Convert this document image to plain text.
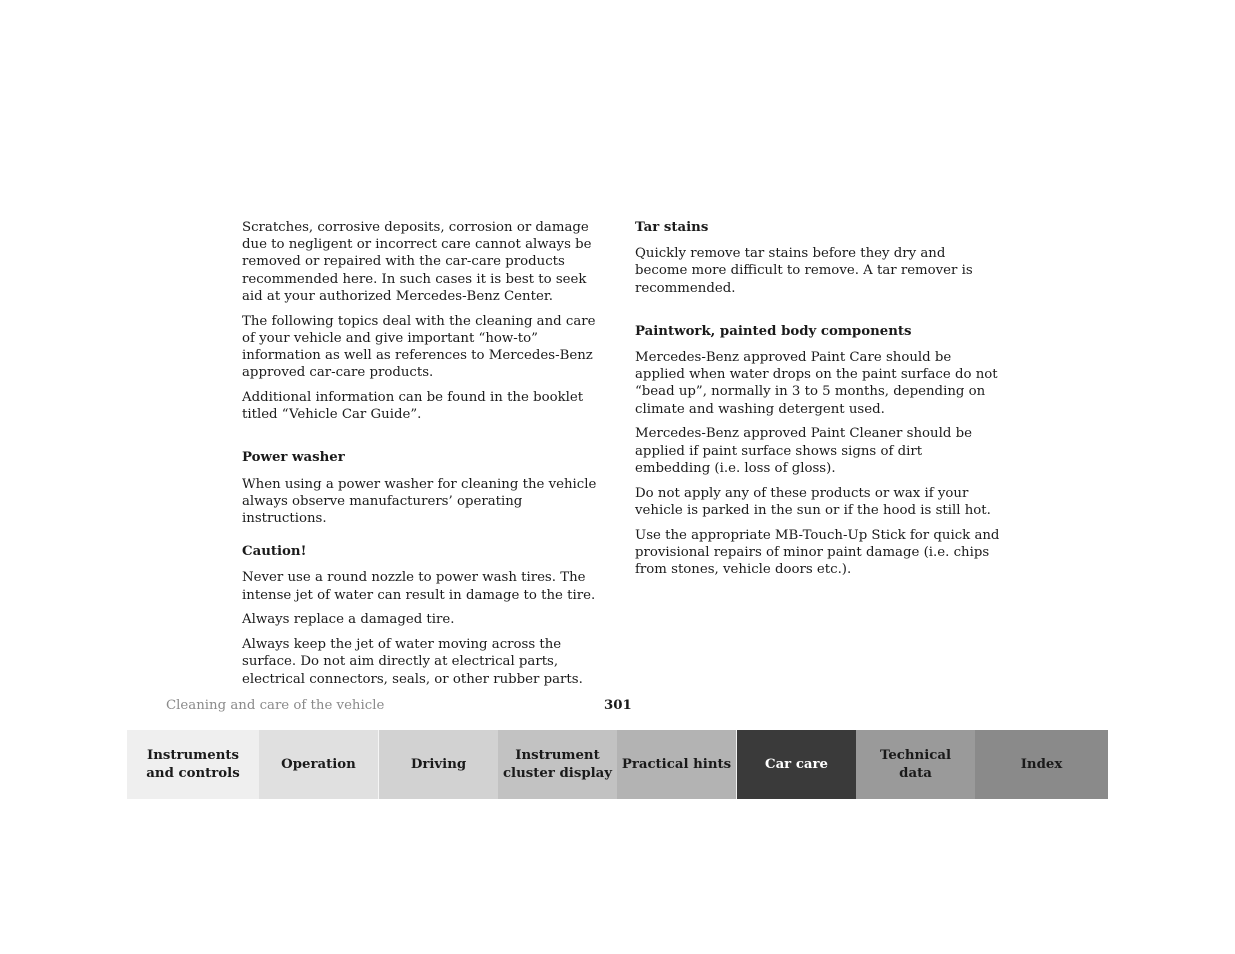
Scratches, corrosive deposits, corrosion or damage due to negligent or incorrect care cannot always be removed or repaired with the car-care products recommended here. In such cases it is best to seek aid at your authorized Mercedes-Benz Center.

The following topics deal with the cleaning and care of your vehicle and give important “how-to” information as well as references to Mercedes-Benz approved car-care products.

Additional information can be found in the booklet titled “Vehicle Car Guide”.

Power washer

When using a power washer for cleaning the vehicle always observe manufacturers’ operating instructions.

Caution!

Never use a round nozzle to power wash tires. The intense jet of water can result in damage to the tire.

Always replace a damaged tire.

Always keep the jet of water moving across the surface. Do not aim directly at electrical parts, electrical connectors, seals, or other rubber parts.

Tar stains

Quickly remove tar stains before they dry and become more difficult to remove. A tar remover is recommended.

Paintwork, painted body components

Mercedes-Benz approved Paint Care should be applied when water drops on the paint surface do not “bead up”, normally in 3 to 5 months, depending on climate and washing detergent used.

Mercedes-Benz approved Paint Cleaner should be applied if paint surface shows signs of dirt embedding (i.e. loss of gloss).

Do not apply any of these products or wax if your vehicle is parked in the sun or if the hood is still hot.

Use the appropriate MB-Touch-Up Stick for quick and provisional repairs of minor paint damage (i.e. chips from stones, vehicle doors etc.).

Cleaning and care of the vehicle	301
Instruments
and controls
Operation	Driving
Instrument
cluster display
Practical hints	Car care
Technical
data
Index
